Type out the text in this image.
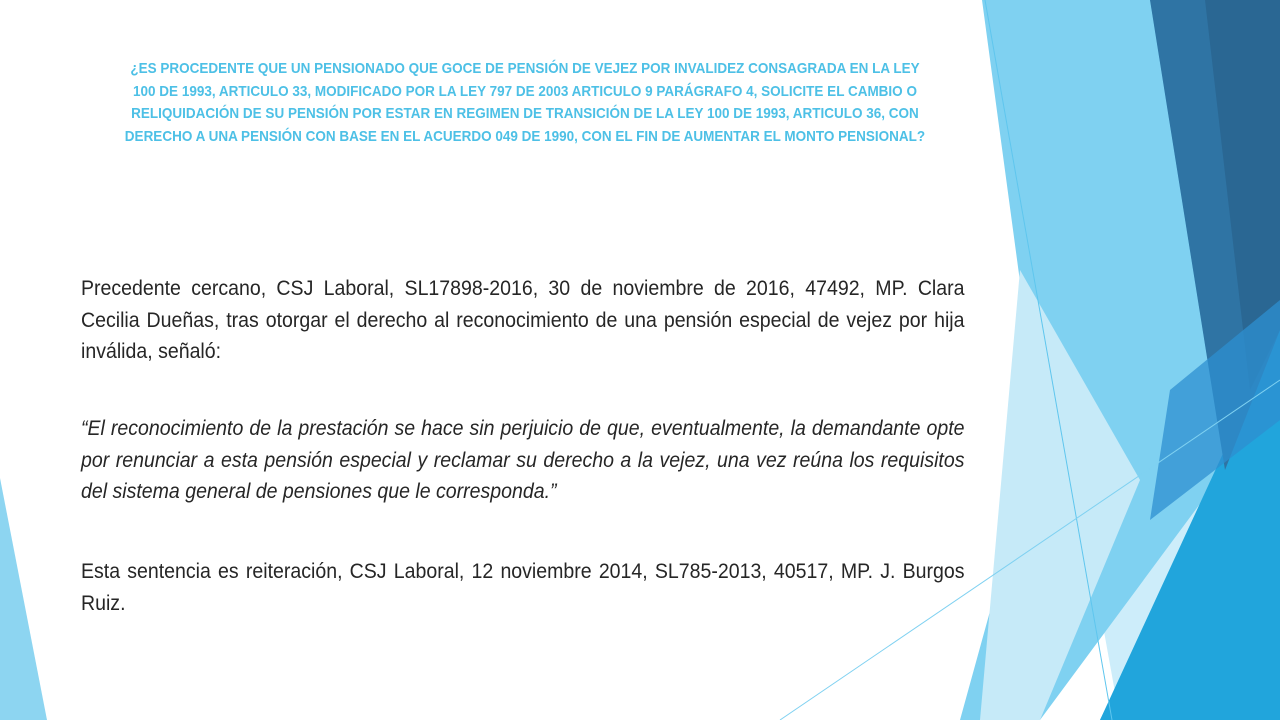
¿ES PROCEDENTE QUE UN PENSIONADO QUE GOCE DE PENSIÓN DE VEJEZ POR INVALIDEZ CONSAGRADA EN LA LEY 100 DE 1993, ARTICULO 33, MODIFICADO POR LA LEY 797 DE 2003 ARTICULO 9 PARÁGRAFO 4, SOLICITE EL CAMBIO O RELIQUIDACIÓN DE SU PENSIÓN POR ESTAR EN REGIMEN DE TRANSICIÓN DE LA LEY 100 DE 1993, ARTICULO 36, CON DERECHO A UNA PENSIÓN CON BASE EN EL ACUERDO 049 DE 1990, CON EL FIN DE AUMENTAR EL MONTO PENSIONAL?

Precedente cercano, CSJ Laboral, SL17898-2016, 30 de noviembre de 2016, 47492, MP. Clara Cecilia Dueñas, tras otorgar el derecho al reconocimiento de una pensión especial de vejez por hija inválida, señaló:

“El reconocimiento de la prestación se hace sin perjuicio de que, eventualmente, la demandante opte por renunciar a esta pensión especial y reclamar su derecho a la vejez, una vez reúna los requisitos del sistema general de pensiones que le corresponda.”

Esta sentencia es reiteración, CSJ Laboral, 12 noviembre 2014, SL785-2013, 40517, MP. J. Burgos Ruiz.
